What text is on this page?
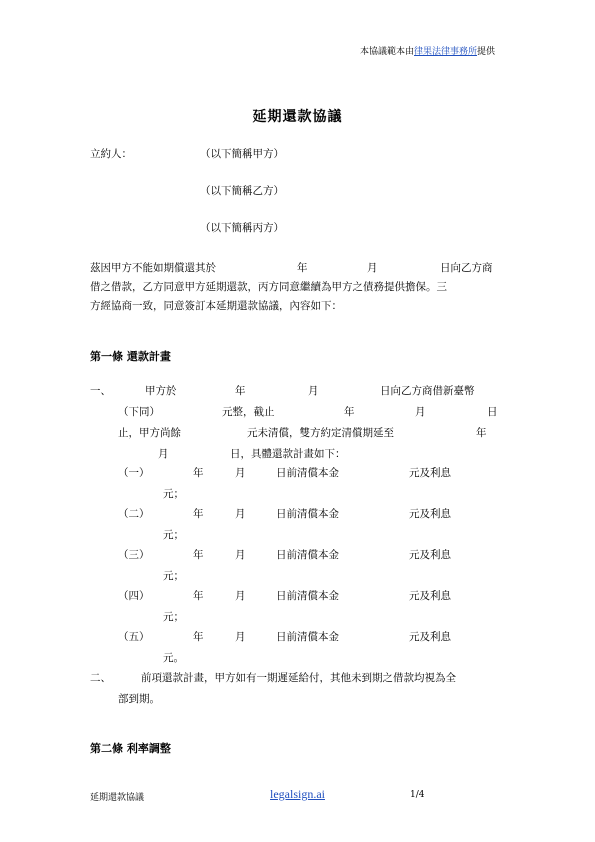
本協議範本由律果法律事務所提供
延期還款協議
立約人：	（以下簡稱甲方）
（以下簡稱乙方）
（以下簡稱丙方）
茲因甲方不能如期償還其於	年	月	日向乙方商
借之借款，乙方同意甲方延期還款，丙方同意繼續為甲方之債務提供擔保。三
方經協商一致，同意簽訂本延期還款協議，內容如下：
第一條 還款計畫
一、	甲方於	年	月	日向乙方商借新臺幣
（下同）	元整，截止	年	月	日
止，甲方尚餘	元未清償，雙方約定清償期延至	年
月	日，具體還款計畫如下：
（一）	年	月	日前清償本金	元及利息
元；
（二）	年	月	日前清償本金	元及利息
元；
（三）	年	月	日前清償本金	元及利息
元；
（四）	年	月	日前清償本金	元及利息
元；
（五）	年	月	日前清償本金	元及利息
元。
二、	前項還款計畫，甲方如有一期遲延給付，其他未到期之借款均視為全
部到期。
第二條 利率調整
延期還款協議	legalsign.ai	1/4
